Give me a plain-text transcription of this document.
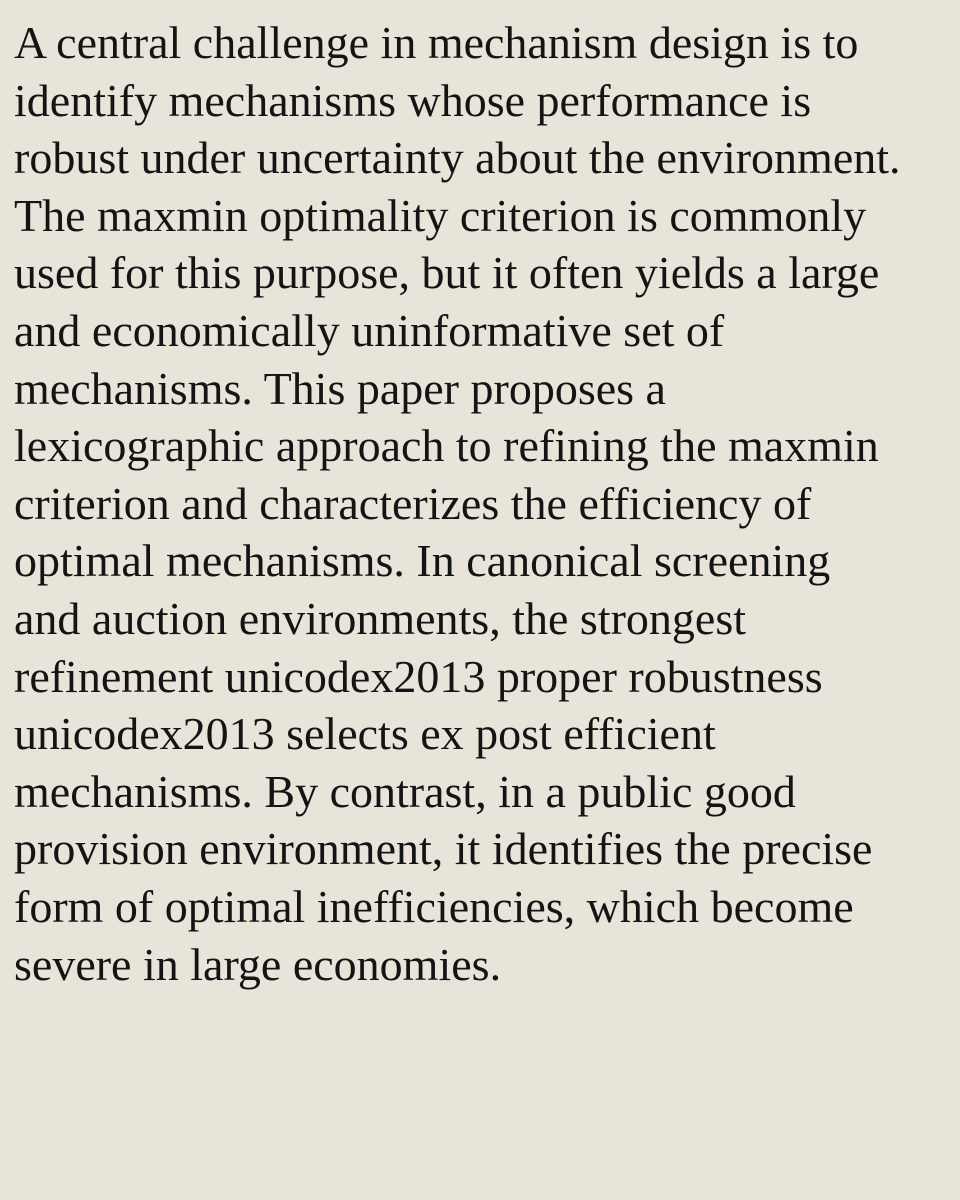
A central challenge in mechanism design is to
identify mechanisms whose performance is
robust under uncertainty about the environment.
The maxmin optimality criterion is commonly
used for this purpose, but it often yields a large
and economically uninformative set of
mechanisms. This paper proposes a
lexicographic approach to refining the maxmin
criterion and characterizes the efficiency of
optimal mechanisms. In canonical screening
and auction environments, the strongest
refinement unicodex2013 proper robustness
unicodex2013 selects ex post efficient
mechanisms. By contrast, in a public good
provision environment, it identifies the precise
form of optimal inefficiencies, which become
severe in large economies.
